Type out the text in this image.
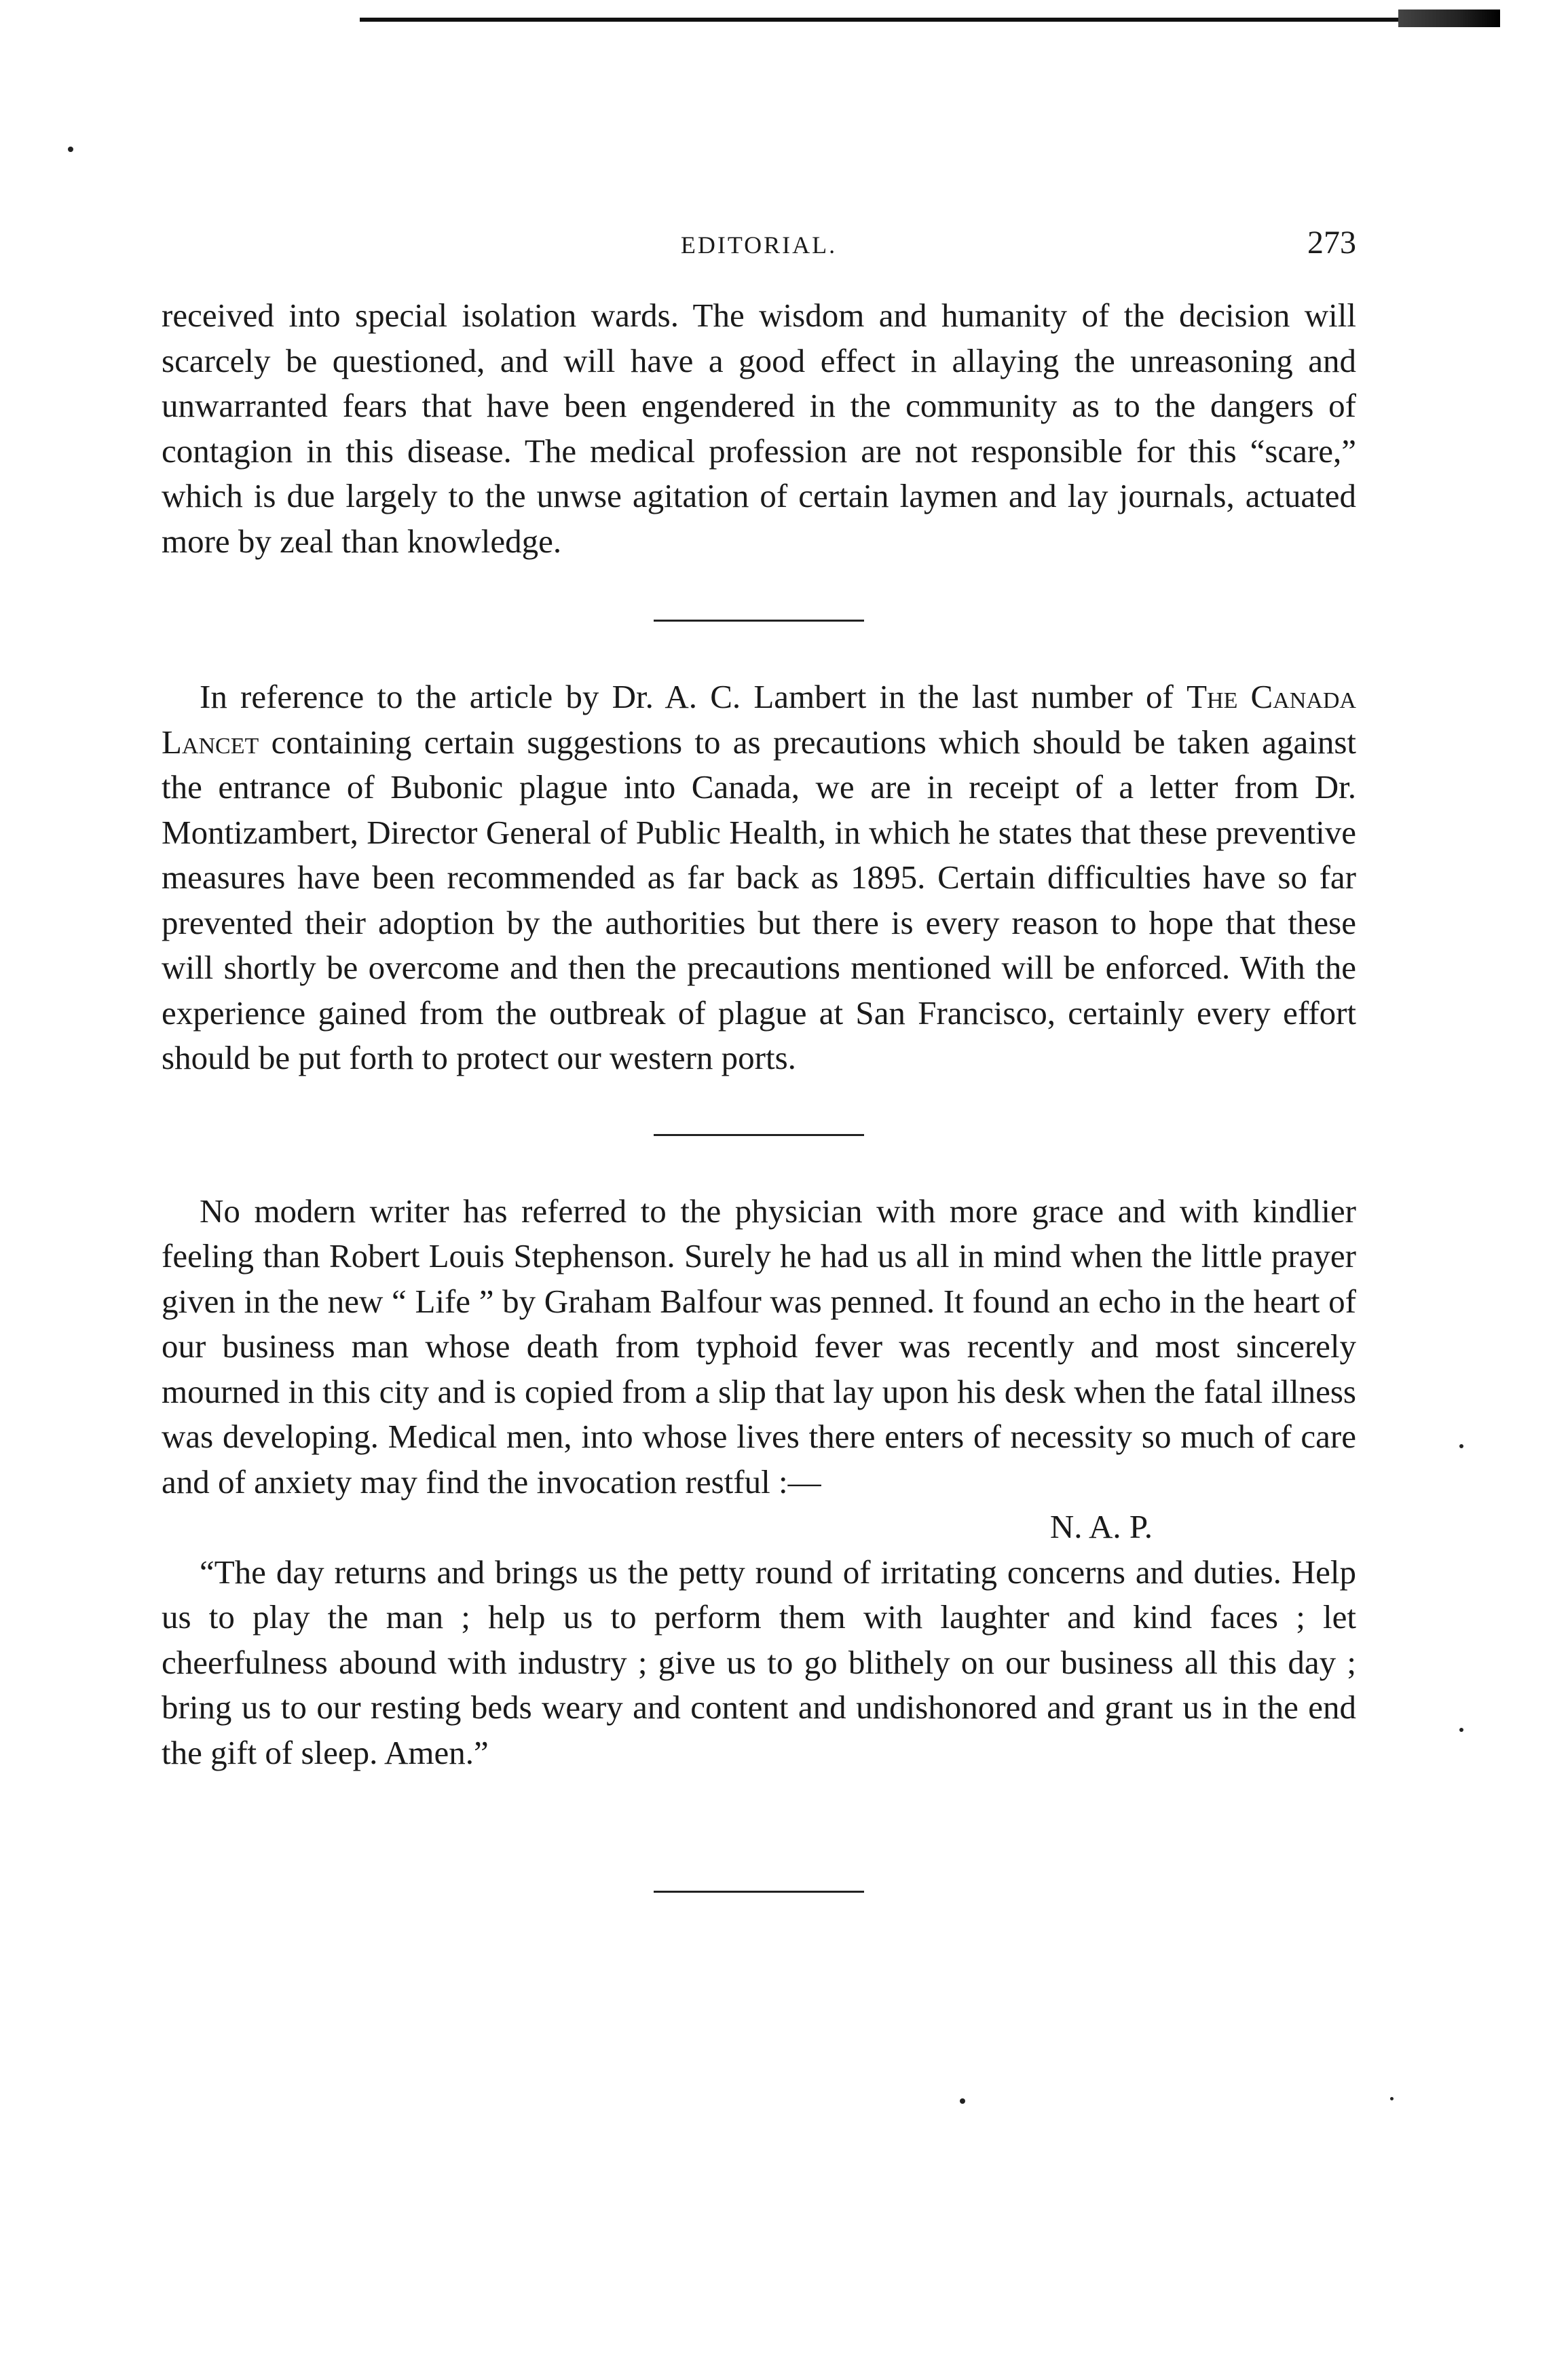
EDITORIAL.	273

received into special isolation wards. The wisdom and humanity of the decision will scarcely be questioned, and will have a good effect in allaying the unreasoning and unwarranted fears that have been engendered in the community as to the dangers of contagion in this disease. The medical profession are not responsible for this “scare,” which is due largely to the unwse agitation of certain laymen and lay journals, actuated more by zeal than knowledge.

In reference to the article by Dr. A. C. Lambert in the last number of The Canada Lancet containing certain suggestions to as precautions which should be taken against the entrance of Bubonic plague into Canada, we are in receipt of a letter from Dr. Montizambert, Director General of Public Health, in which he states that these preventive measures have been recommended as far back as 1895. Certain difficulties have so far prevented their adoption by the authorities but there is every reason to hope that these will shortly be overcome and then the precautions mentioned will be enforced. With the experience gained from the outbreak of plague at San Francisco, certainly every effort should be put forth to protect our western ports.

No modern writer has referred to the physician with more grace and with kindlier feeling than Robert Louis Stephenson. Surely he had us all in mind when the little prayer given in the new “ Life ” by Graham Balfour was penned. It found an echo in the heart of our business man whose death from typhoid fever was recently and most sincerely mourned in this city and is copied from a slip that lay upon his desk when the fatal illness was developing. Medical men, into whose lives there enters of necessity so much of care and of anxiety may find the invocation restful :—

N. A. P.

“The day returns and brings us the petty round of irritating concerns and duties. Help us to play the man ; help us to perform them with laughter and kind faces ; let cheerfulness abound with industry ; give us to go blithely on our business all this day ; bring us to our resting beds weary and content and undishonored and grant us in the end the gift of sleep. Amen.”
